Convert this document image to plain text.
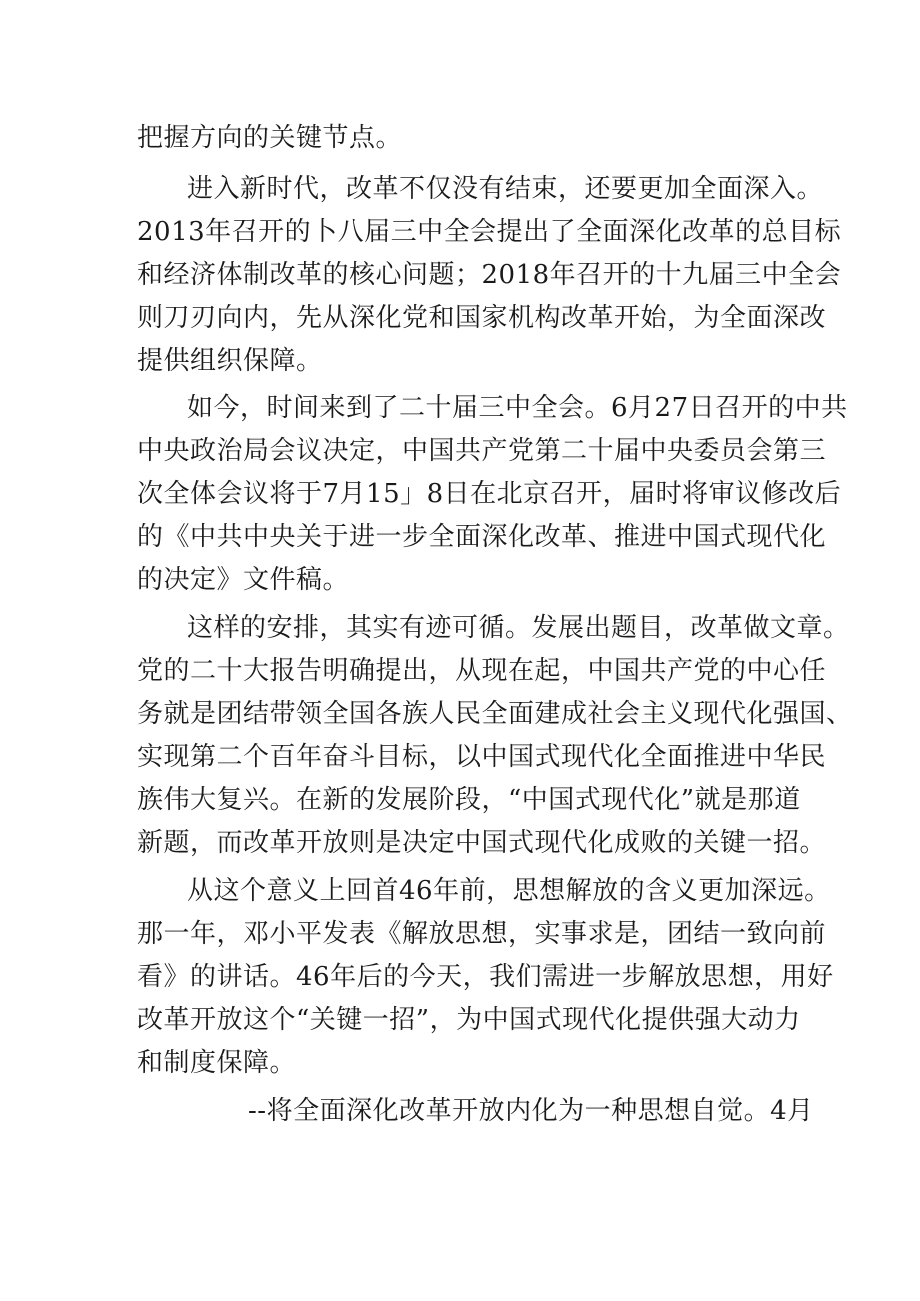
把握方向的关键节点。
进入新时代，改革不仅没有结束，还要更加全面深入。
2013年召开的卜八届三中全会提出了全面深化改革的总目标
和经济体制改革的核心问题；2018年召开的十九届三中全会
则刀刃向内，先从深化党和国家机构改革开始，为全面深改
提供组织保障。
如今，时间来到了二十届三中全会。6月27日召开的中共
中央政治局会议决定，中国共产党第二十届中央委员会第三
次全体会议将于7月15」8日在北京召开，届时将审议修改后
的《中共中央关于进一步全面深化改革、推进中国式现代化
的决定》文件稿。
这样的安排，其实有迹可循。发展出题目，改革做文章。
党的二十大报告明确提出，从现在起，中国共产党的中心任
务就是团结带领全国各族人民全面建成社会主义现代化强国、
实现第二个百年奋斗目标，以中国式现代化全面推进中华民
族伟大复兴。在新的发展阶段，“中国式现代化”就是那道
新题，而改革开放则是决定中国式现代化成败的关键一招。
从这个意义上回首46年前，思想解放的含义更加深远。
那一年，邓小平发表《解放思想，实事求是，团结一致向前
看》的讲话。46年后的今天，我们需进一步解放思想，用好
改革开放这个“关键一招”，为中国式现代化提供强大动力
和制度保障。
--将全面深化改革开放内化为一种思想自觉。4月
